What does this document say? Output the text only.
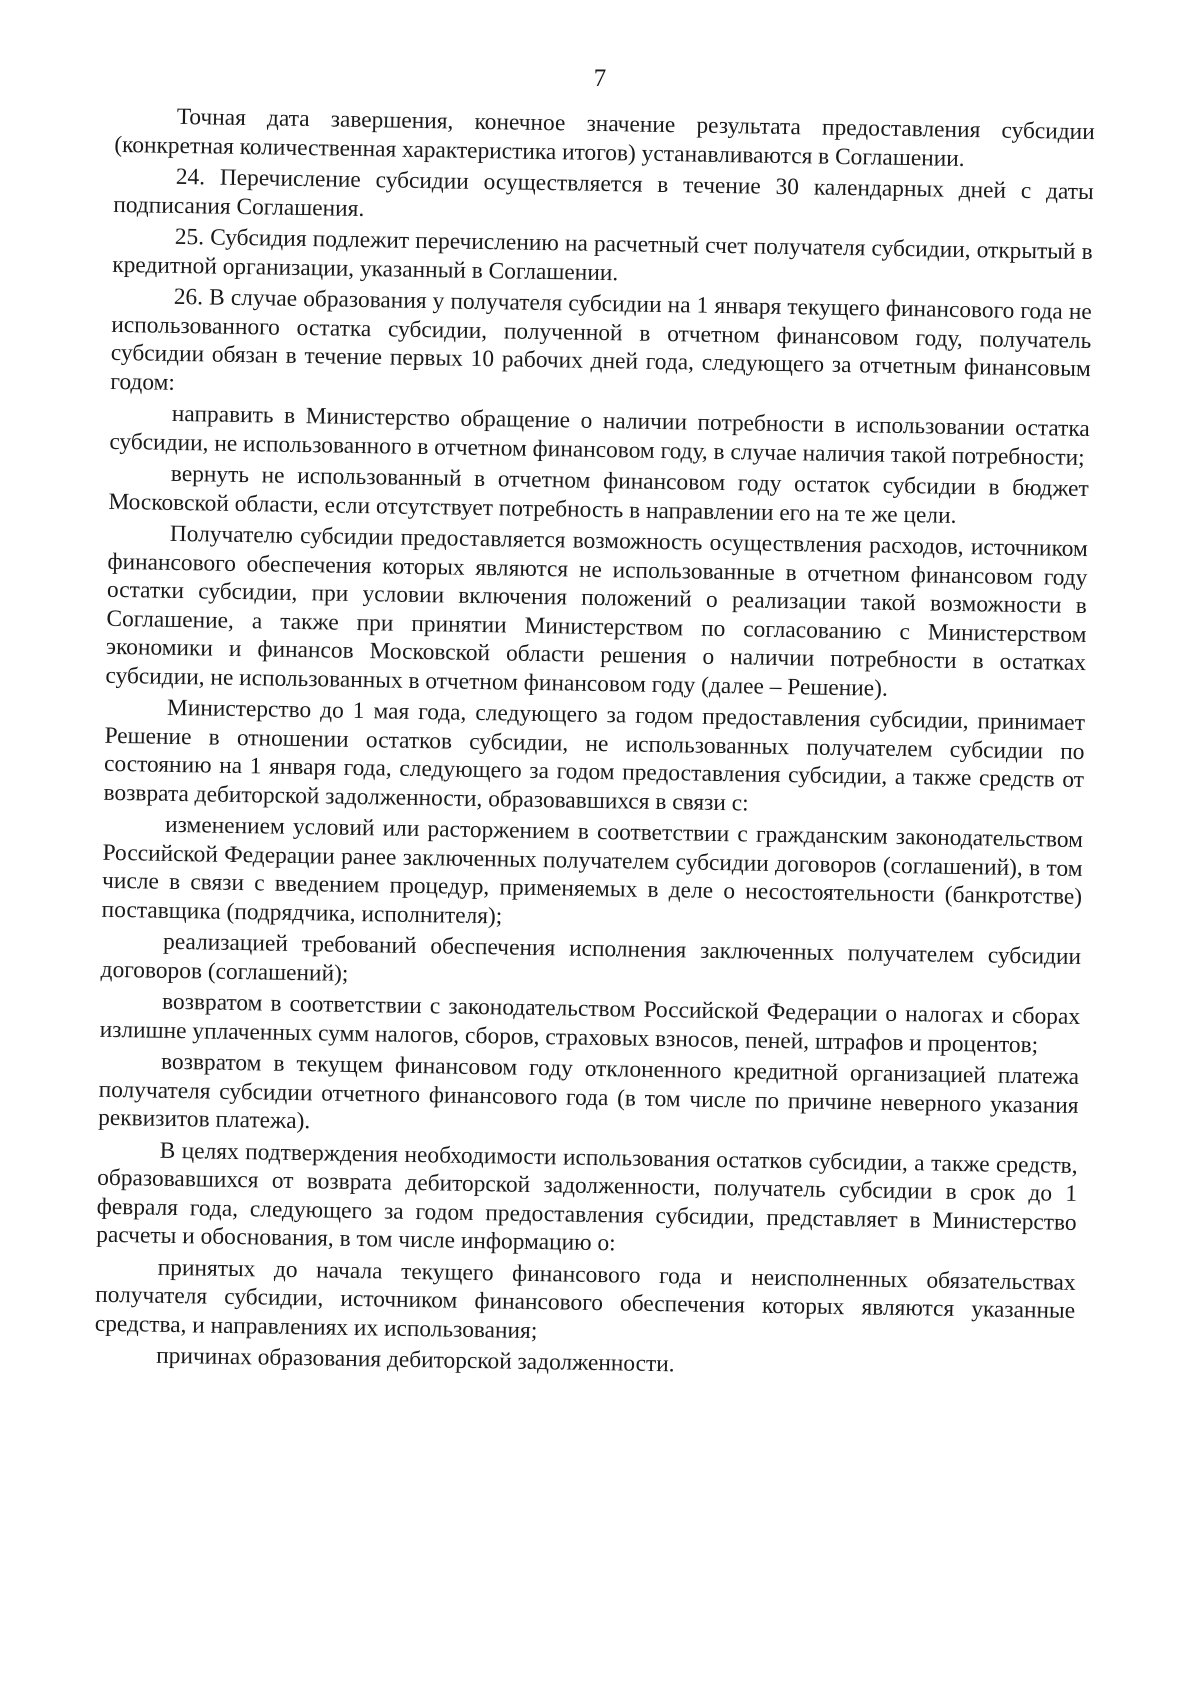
7

Точная дата завершения, конечное значение результата предоставления субсидии (конкретная количественная характеристика итогов) устанавливаются в Соглашении.

24. Перечисление субсидии осуществляется в течение 30 календарных дней с даты подписания Соглашения.

25. Субсидия подлежит перечислению на расчетный счет получателя субсидии, открытый в кредитной организации, указанный в Соглашении.

26. В случае образования у получателя субсидии на 1 января текущего финансового года не использованного остатка субсидии, полученной в отчетном финансовом году, получатель субсидии обязан в течение первых 10 рабочих дней года, следующего за отчетным финансовым годом:

направить в Министерство обращение о наличии потребности в использовании остатка субсидии, не использованного в отчетном финансовом году, в случае наличия такой потребности;

вернуть не использованный в отчетном финансовом году остаток субсидии в бюджет Московской области, если отсутствует потребность в направлении его на те же цели.

Получателю субсидии предоставляется возможность осуществления расходов, источником финансового обеспечения которых являются не использованные в отчетном финансовом году остатки субсидии, при условии включения положений о реализации такой возможности в Соглашение, а также при принятии Министерством по согласованию с Министерством экономики и финансов Московской области решения о наличии потребности в остатках субсидии, не использованных в отчетном финансовом году (далее – Решение).

Министерство до 1 мая года, следующего за годом предоставления субсидии, принимает Решение в отношении остатков субсидии, не использованных получателем субсидии по состоянию на 1 января года, следующего за годом предоставления субсидии, а также средств от возврата дебиторской задолженности, образовавшихся в связи с:

изменением условий или расторжением в соответствии с гражданским законодательством Российской Федерации ранее заключенных получателем субсидии договоров (соглашений), в том числе в связи с введением процедур, применяемых в деле о несостоятельности (банкротстве) поставщика (подрядчика, исполнителя);

реализацией требований обеспечения исполнения заключенных получателем субсидии договоров (соглашений);

возвратом в соответствии с законодательством Российской Федерации о налогах и сборах излишне уплаченных сумм налогов, сборов, страховых взносов, пеней, штрафов и процентов;

возвратом в текущем финансовом году отклоненного кредитной организацией платежа получателя субсидии отчетного финансового года (в том числе по причине неверного указания реквизитов платежа).

В целях подтверждения необходимости использования остатков субсидии, а также средств, образовавшихся от возврата дебиторской задолженности, получатель субсидии в срок до 1 февраля года, следующего за годом предоставления субсидии, представляет в Министерство расчеты и обоснования, в том числе информацию о:

принятых до начала текущего финансового года и неисполненных обязательствах получателя субсидии, источником финансового обеспечения которых являются указанные средства, и направлениях их использования;

причинах образования дебиторской задолженности.
